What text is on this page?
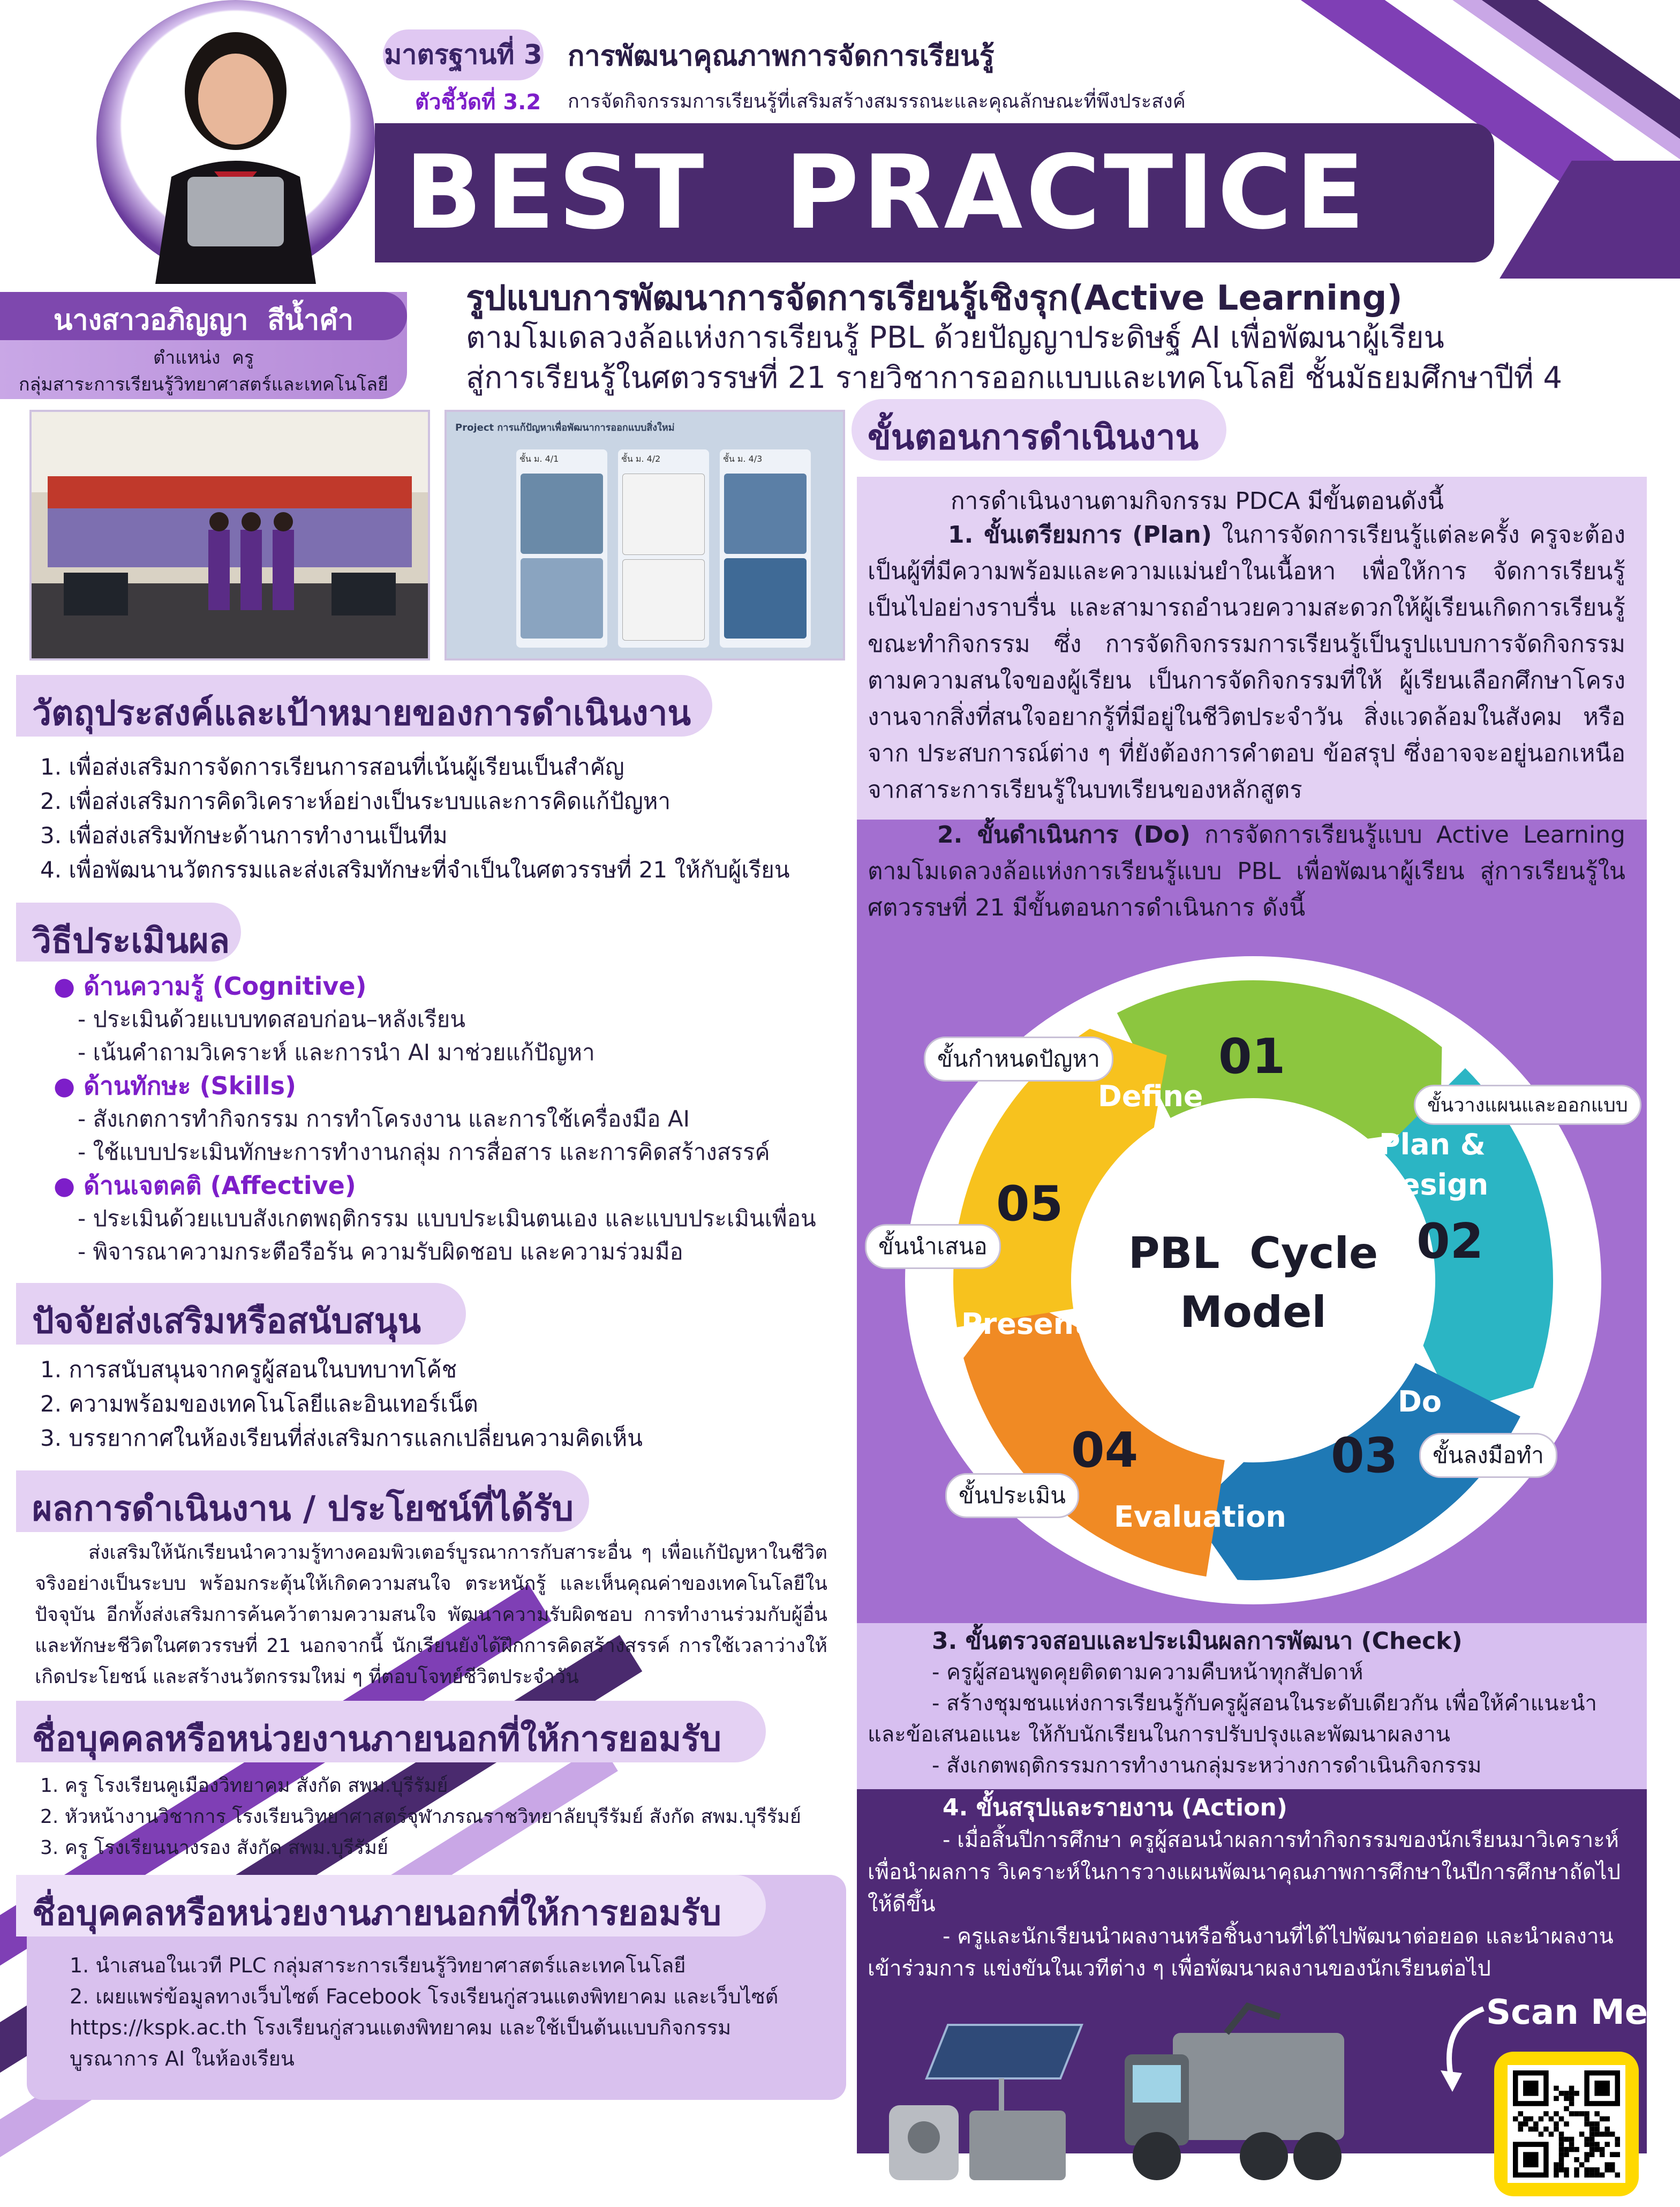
มาตรฐานที่ 3 การพัฒนาคุณภาพการจัดการเรียนรู้
ตัวชี้วัดที่ 3.2 การจัดกิจกรรมการเรียนรู้ที่เสริมสร้างสมรรถนะและคุณลักษณะที่พึงประสงค์
BEST  PRACTICE
นางสาวอภิญญา  สีน้ำคำ
ตำแหน่ง  ครู
กลุ่มสาระการเรียนรู้วิทยาศาสตร์และเทคโนโลยี
รูปแบบการพัฒนาการจัดการเรียนรู้เชิงรุก(Active Learning)
ตามโมเดลวงล้อแห่งการเรียนรู้ PBL ด้วยปัญญาประดิษฐ์ AI เพื่อพัฒนาผู้เรียน
สู่การเรียนรู้ในศตวรรษที่ 21 รายวิชาการออกแบบและเทคโนโลยี ชั้นมัธยมศึกษาปีที่ 4
Project การแก้ปัญหาเพื่อพัฒนาการออกแบบสิ่งใหม่
ชั้น ม. 4/1	ชั้น ม. 4/2	ชั้น ม. 4/3
วัตถุประสงค์และเป้าหมายของการดำเนินงาน
1. เพื่อส่งเสริมการจัดการเรียนการสอนที่เน้นผู้เรียนเป็นสำคัญ
2. เพื่อส่งเสริมการคิดวิเคราะห์อย่างเป็นระบบและการคิดแก้ปัญหา
3. เพื่อส่งเสริมทักษะด้านการทำงานเป็นทีม
4. เพื่อพัฒนานวัตกรรมและส่งเสริมทักษะที่จำเป็นในศตวรรษที่ 21 ให้กับผู้เรียน
วิธีประเมินผล
● ด้านความรู้ (Cognitive)
- ประเมินด้วยแบบทดสอบก่อน–หลังเรียน
- เน้นคำถามวิเคราะห์ และการนำ AI มาช่วยแก้ปัญหา
● ด้านทักษะ (Skills)
- สังเกตการทำกิจกรรม การทำโครงงาน และการใช้เครื่องมือ AI
- ใช้แบบประเมินทักษะการทำงานกลุ่ม การสื่อสาร และการคิดสร้างสรรค์
● ด้านเจตคติ (Affective)
- ประเมินด้วยแบบสังเกตพฤติกรรม แบบประเมินตนเอง และแบบประเมินเพื่อน
- พิจารณาความกระตือรือร้น ความรับผิดชอบ และความร่วมมือ
ปัจจัยส่งเสริมหรือสนับสนุน
1. การสนับสนุนจากครูผู้สอนในบทบาทโค้ช
2. ความพร้อมของเทคโนโลยีและอินเทอร์เน็ต
3. บรรยากาศในห้องเรียนที่ส่งเสริมการแลกเปลี่ยนความคิดเห็น
ผลการดำเนินงาน / ประโยชน์ที่ได้รับ
ส่งเสริมให้นักเรียนนำความรู้ทางคอมพิวเตอร์บูรณาการกับสาระอื่น ๆ เพื่อแก้ปัญหาในชีวิตจริงอย่างเป็นระบบ พร้อมกระตุ้นให้เกิดความสนใจ ตระหนักรู้ และเห็นคุณค่าของเทคโนโลยีในปัจจุบัน อีกทั้งส่งเสริมการค้นคว้าตามความสนใจ พัฒนาความรับผิดชอบ การทำงานร่วมกับผู้อื่นและทักษะชีวิตในศตวรรษที่ 21 นอกจากนี้ นักเรียนยังได้ฝึกการคิดสร้างสรรค์ การใช้เวลาว่างให้เกิดประโยชน์ และสร้างนวัตกรรมใหม่ ๆ ที่ตอบโจทย์ชีวิตประจำวัน
ชื่อบุคคลหรือหน่วยงานภายนอกที่ให้การยอมรับ
1. ครู โรงเรียนคูเมืองวิทยาคม สังกัด สพม.บุรีรัมย์
2. หัวหน้างานวิชาการ โรงเรียนวิทยาศาสตร์จุฬาภรณราชวิทยาลัยบุรีรัมย์ สังกัด สพม.บุรีรัมย์
3. ครู โรงเรียนนางรอง สังกัด สพม.บุรีรัมย์
ชื่อบุคคลหรือหน่วยงานภายนอกที่ให้การยอมรับ
1. นำเสนอในเวที PLC กลุ่มสาระการเรียนรู้วิทยาศาสตร์และเทคโนโลยี
2. เผยแพร่ข้อมูลทางเว็บไซต์ Facebook โรงเรียนกู่สวนแตงพิทยาคม และเว็บไซต์
https://kspk.ac.th โรงเรียนกู่สวนแตงพิทยาคม และใช้เป็นต้นแบบกิจกรรม
บูรณาการ AI ในห้องเรียน
ขั้นตอนการดำเนินงาน
การดำเนินงานตามกิจกรรม PDCA มีขั้นตอนดังนี้
1. ขั้นเตรียมการ (Plan) ในการจัดการเรียนรู้แต่ละครั้ง ครูจะต้องเป็นผู้ที่มีความพร้อมและความแม่นยำในเนื้อหา เพื่อให้การ จัดการเรียนรู้เป็นไปอย่างราบรื่น และสามารถอำนวยความสะดวกให้ผู้เรียนเกิดการเรียนรู้ขณะทำกิจกรรม ซึ่ง การจัดกิจกรรมการเรียนรู้เป็นรูปแบบการจัดกิจกรรมตามความสนใจของผู้เรียน เป็นการจัดกิจกรรมที่ให้ ผู้เรียนเลือกศึกษาโครงงานจากสิ่งที่สนใจอยากรู้ที่มีอยู่ในชีวิตประจำวัน สิ่งแวดล้อมในสังคม หรือจาก ประสบการณ์ต่าง ๆ ที่ยังต้องการคำตอบ ข้อสรุป ซึ่งอาจจะอยู่นอกเหนือจากสาระการเรียนรู้ในบทเรียนของหลักสูตร
2. ขั้นดำเนินการ (Do) การจัดการเรียนรู้แบบ Active Learning ตามโมเดลวงล้อแห่งการเรียนรู้แบบ PBL เพื่อพัฒนาผู้เรียน สู่การเรียนรู้ในศตวรรษที่ 21 มีขั้นตอนการดำเนินการ ดังนี้
PBL  Cycle
Model
01
Define
ขั้นกำหนดปัญหา
02
Plan &
Design
ขั้นวางแผนและออกแบบ
03
Do
ขั้นลงมือทำ
04
Evaluation
ขั้นประเมิน
05
Present
ขั้นนำเสนอ
3. ขั้นตรวจสอบและประเมินผลการพัฒนา (Check)
- ครูผู้สอนพูดคุยติดตามความคืบหน้าทุกสัปดาห์
- สร้างชุมชนแห่งการเรียนรู้กับครูผู้สอนในระดับเดียวกัน เพื่อให้คำแนะนำและข้อเสนอแนะ ให้กับนักเรียนในการปรับปรุงและพัฒนาผลงาน
- สังเกตพฤติกรรมการทำงานกลุ่มระหว่างการดำเนินกิจกรรม
4. ขั้นสรุปและรายงาน (Action)
- เมื่อสิ้นปีการศึกษา ครูผู้สอนนำผลการทำกิจกรรมของนักเรียนมาวิเคราะห์ เพื่อนำผลการ วิเคราะห์ในการวางแผนพัฒนาคุณภาพการศึกษาในปีการศึกษาถัดไปให้ดีขึ้น
- ครูและนักเรียนนำผลงานหรือชิ้นงานที่ได้ไปพัฒนาต่อยอด และนำผลงานเข้าร่วมการ แข่งขันในเวทีต่าง ๆ เพื่อพัฒนาผลงานของนักเรียนต่อไป
Scan Me!
